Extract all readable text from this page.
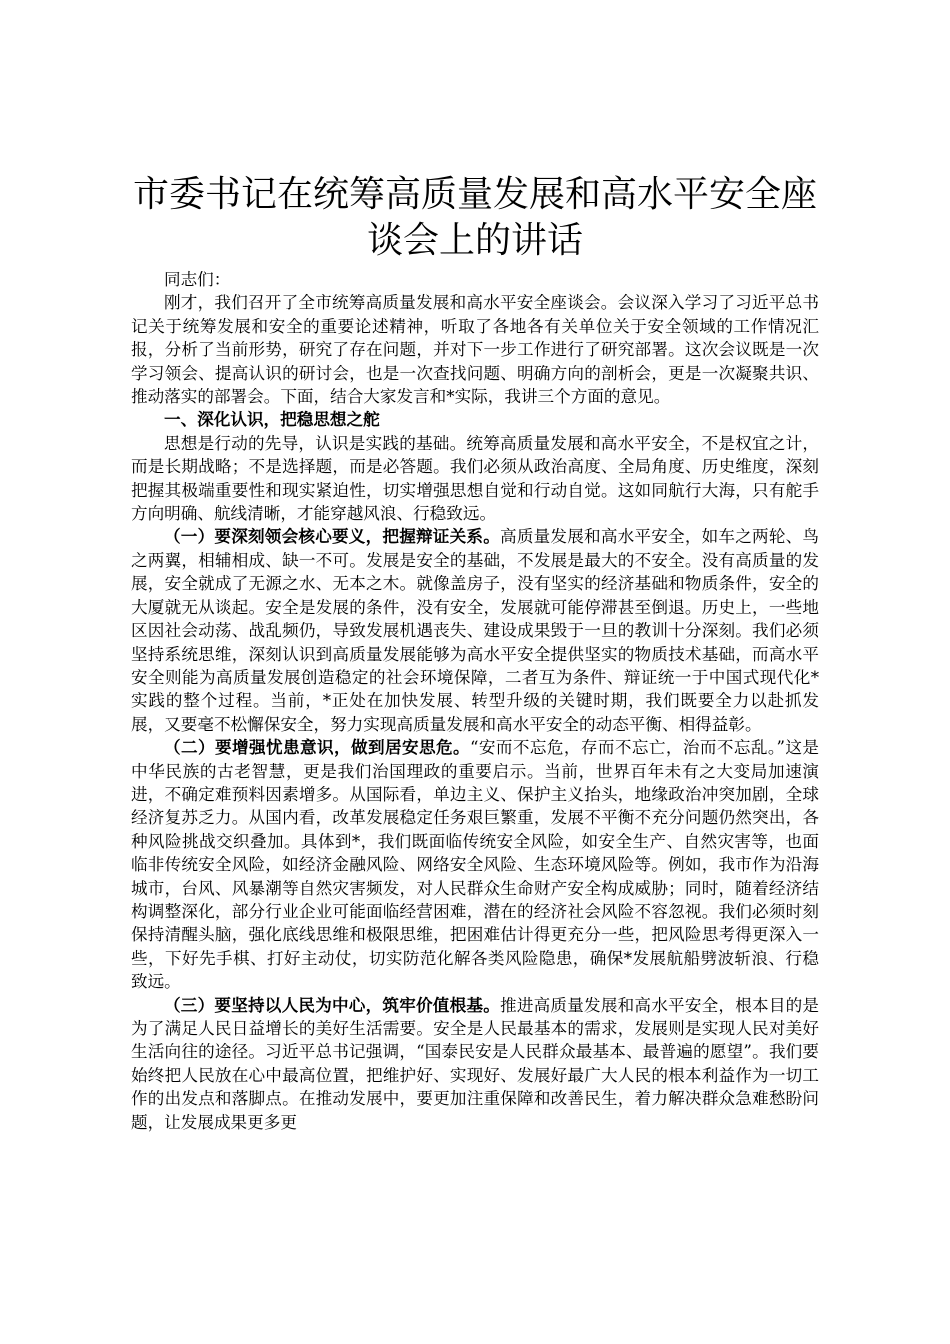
市委书记在统筹高质量发展和高水平安全座谈会上的讲话

同志们：

刚才，我们召开了全市统筹高质量发展和高水平安全座谈会。会议深入学习了习近平总书记关于统筹发展和安全的重要论述精神，听取了各地各有关单位关于安全领域的工作情况汇报，分析了当前形势，研究了存在问题，并对下一步工作进行了研究部署。这次会议既是一次学习领会、提高认识的研讨会，也是一次查找问题、明确方向的剖析会，更是一次凝聚共识、推动落实的部署会。下面，结合大家发言和*实际，我讲三个方面的意见。

一、深化认识，把稳思想之舵

思想是行动的先导，认识是实践的基础。统筹高质量发展和高水平安全，不是权宜之计，而是长期战略；不是选择题，而是必答题。我们必须从政治高度、全局角度、历史维度，深刻把握其极端重要性和现实紧迫性，切实增强思想自觉和行动自觉。这如同航行大海，只有舵手方向明确、航线清晰，才能穿越风浪、行稳致远。

（一）要深刻领会核心要义，把握辩证关系。高质量发展和高水平安全，如车之两轮、鸟之两翼，相辅相成、缺一不可。发展是安全的基础，不发展是最大的不安全。没有高质量的发展，安全就成了无源之水、无本之木。就像盖房子，没有坚实的经济基础和物质条件，安全的大厦就无从谈起。安全是发展的条件，没有安全，发展就可能停滞甚至倒退。历史上，一些地区因社会动荡、战乱频仍，导致发展机遇丧失、建设成果毁于一旦的教训十分深刻。我们必须坚持系统思维，深刻认识到高质量发展能够为高水平安全提供坚实的物质技术基础，而高水平安全则能为高质量发展创造稳定的社会环境保障，二者互为条件、辩证统一于中国式现代化*实践的整个过程。当前，*正处在加快发展、转型升级的关键时期，我们既要全力以赴抓发展，又要毫不松懈保安全，努力实现高质量发展和高水平安全的动态平衡、相得益彰。

（二）要增强忧患意识，做到居安思危。“安而不忘危，存而不忘亡，治而不忘乱。”这是中华民族的古老智慧，更是我们治国理政的重要启示。当前，世界百年未有之大变局加速演进，不确定难预料因素增多。从国际看，单边主义、保护主义抬头，地缘政治冲突加剧，全球经济复苏乏力。从国内看，改革发展稳定任务艰巨繁重，发展不平衡不充分问题仍然突出，各种风险挑战交织叠加。具体到*，我们既面临传统安全风险，如安全生产、自然灾害等，也面临非传统安全风险，如经济金融风险、网络安全风险、生态环境风险等。例如，我市作为沿海城市，台风、风暴潮等自然灾害频发，对人民群众生命财产安全构成威胁；同时，随着经济结构调整深化，部分行业企业可能面临经营困难，潜在的经济社会风险不容忽视。我们必须时刻保持清醒头脑，强化底线思维和极限思维，把困难估计得更充分一些，把风险思考得更深入一些，下好先手棋、打好主动仗，切实防范化解各类风险隐患，确保*发展航船劈波斩浪、行稳致远。

（三）要坚持以人民为中心，筑牢价值根基。推进高质量发展和高水平安全，根本目的是为了满足人民日益增长的美好生活需要。安全是人民最基本的需求，发展则是实现人民对美好生活向往的途径。习近平总书记强调，“国泰民安是人民群众最基本、最普遍的愿望”。我们要始终把人民放在心中最高位置，把维护好、实现好、发展好最广大人民的根本利益作为一切工作的出发点和落脚点。在推动发展中，要更加注重保障和改善民生，着力解决群众急难愁盼问题，让发展成果更多更
